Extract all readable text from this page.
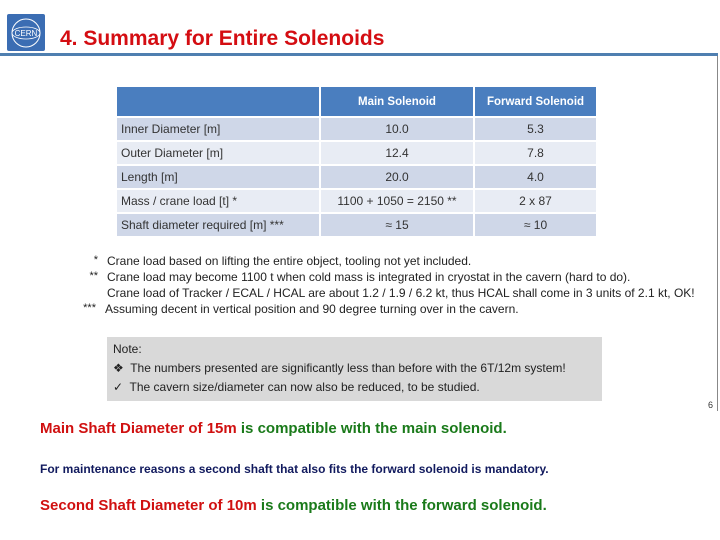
CERN 4. Summary for Entire Solenoids
6
	Main Solenoid	Forward Solenoid
Inner Diameter [m]	10.0	5.3
Outer Diameter [m]	12.4	7.8
Length [m]	20.0	4.0
Mass / crane load [t] *	1100 + 1050 = 2150 **	2 x 87
Shaft diameter required [m] ***	≈ 15	≈ 10
* Crane load based on lifting the entire object, tooling not yet included.
** Crane load may become 1100 t when cold mass is integrated in cryostat in the cavern (hard to do).
Crane load of Tracker / ECAL / HCAL are about 1.2 / 1.9 / 6.2 kt, thus HCAL shall come in 3 units of 2.1 kt, OK!
*** Assuming decent in vertical position and 90 degree turning over in the cavern.
Note:
❖ The numbers presented are significantly less than before with the 6T/12m system!
✓ The cavern size/diameter can now also be reduced, to be studied.
Main Shaft Diameter of 15m is compatible with the main solenoid.
For maintenance reasons a second shaft that also fits the forward solenoid is mandatory.
Second Shaft Diameter of 10m is compatible with the forward solenoid.
